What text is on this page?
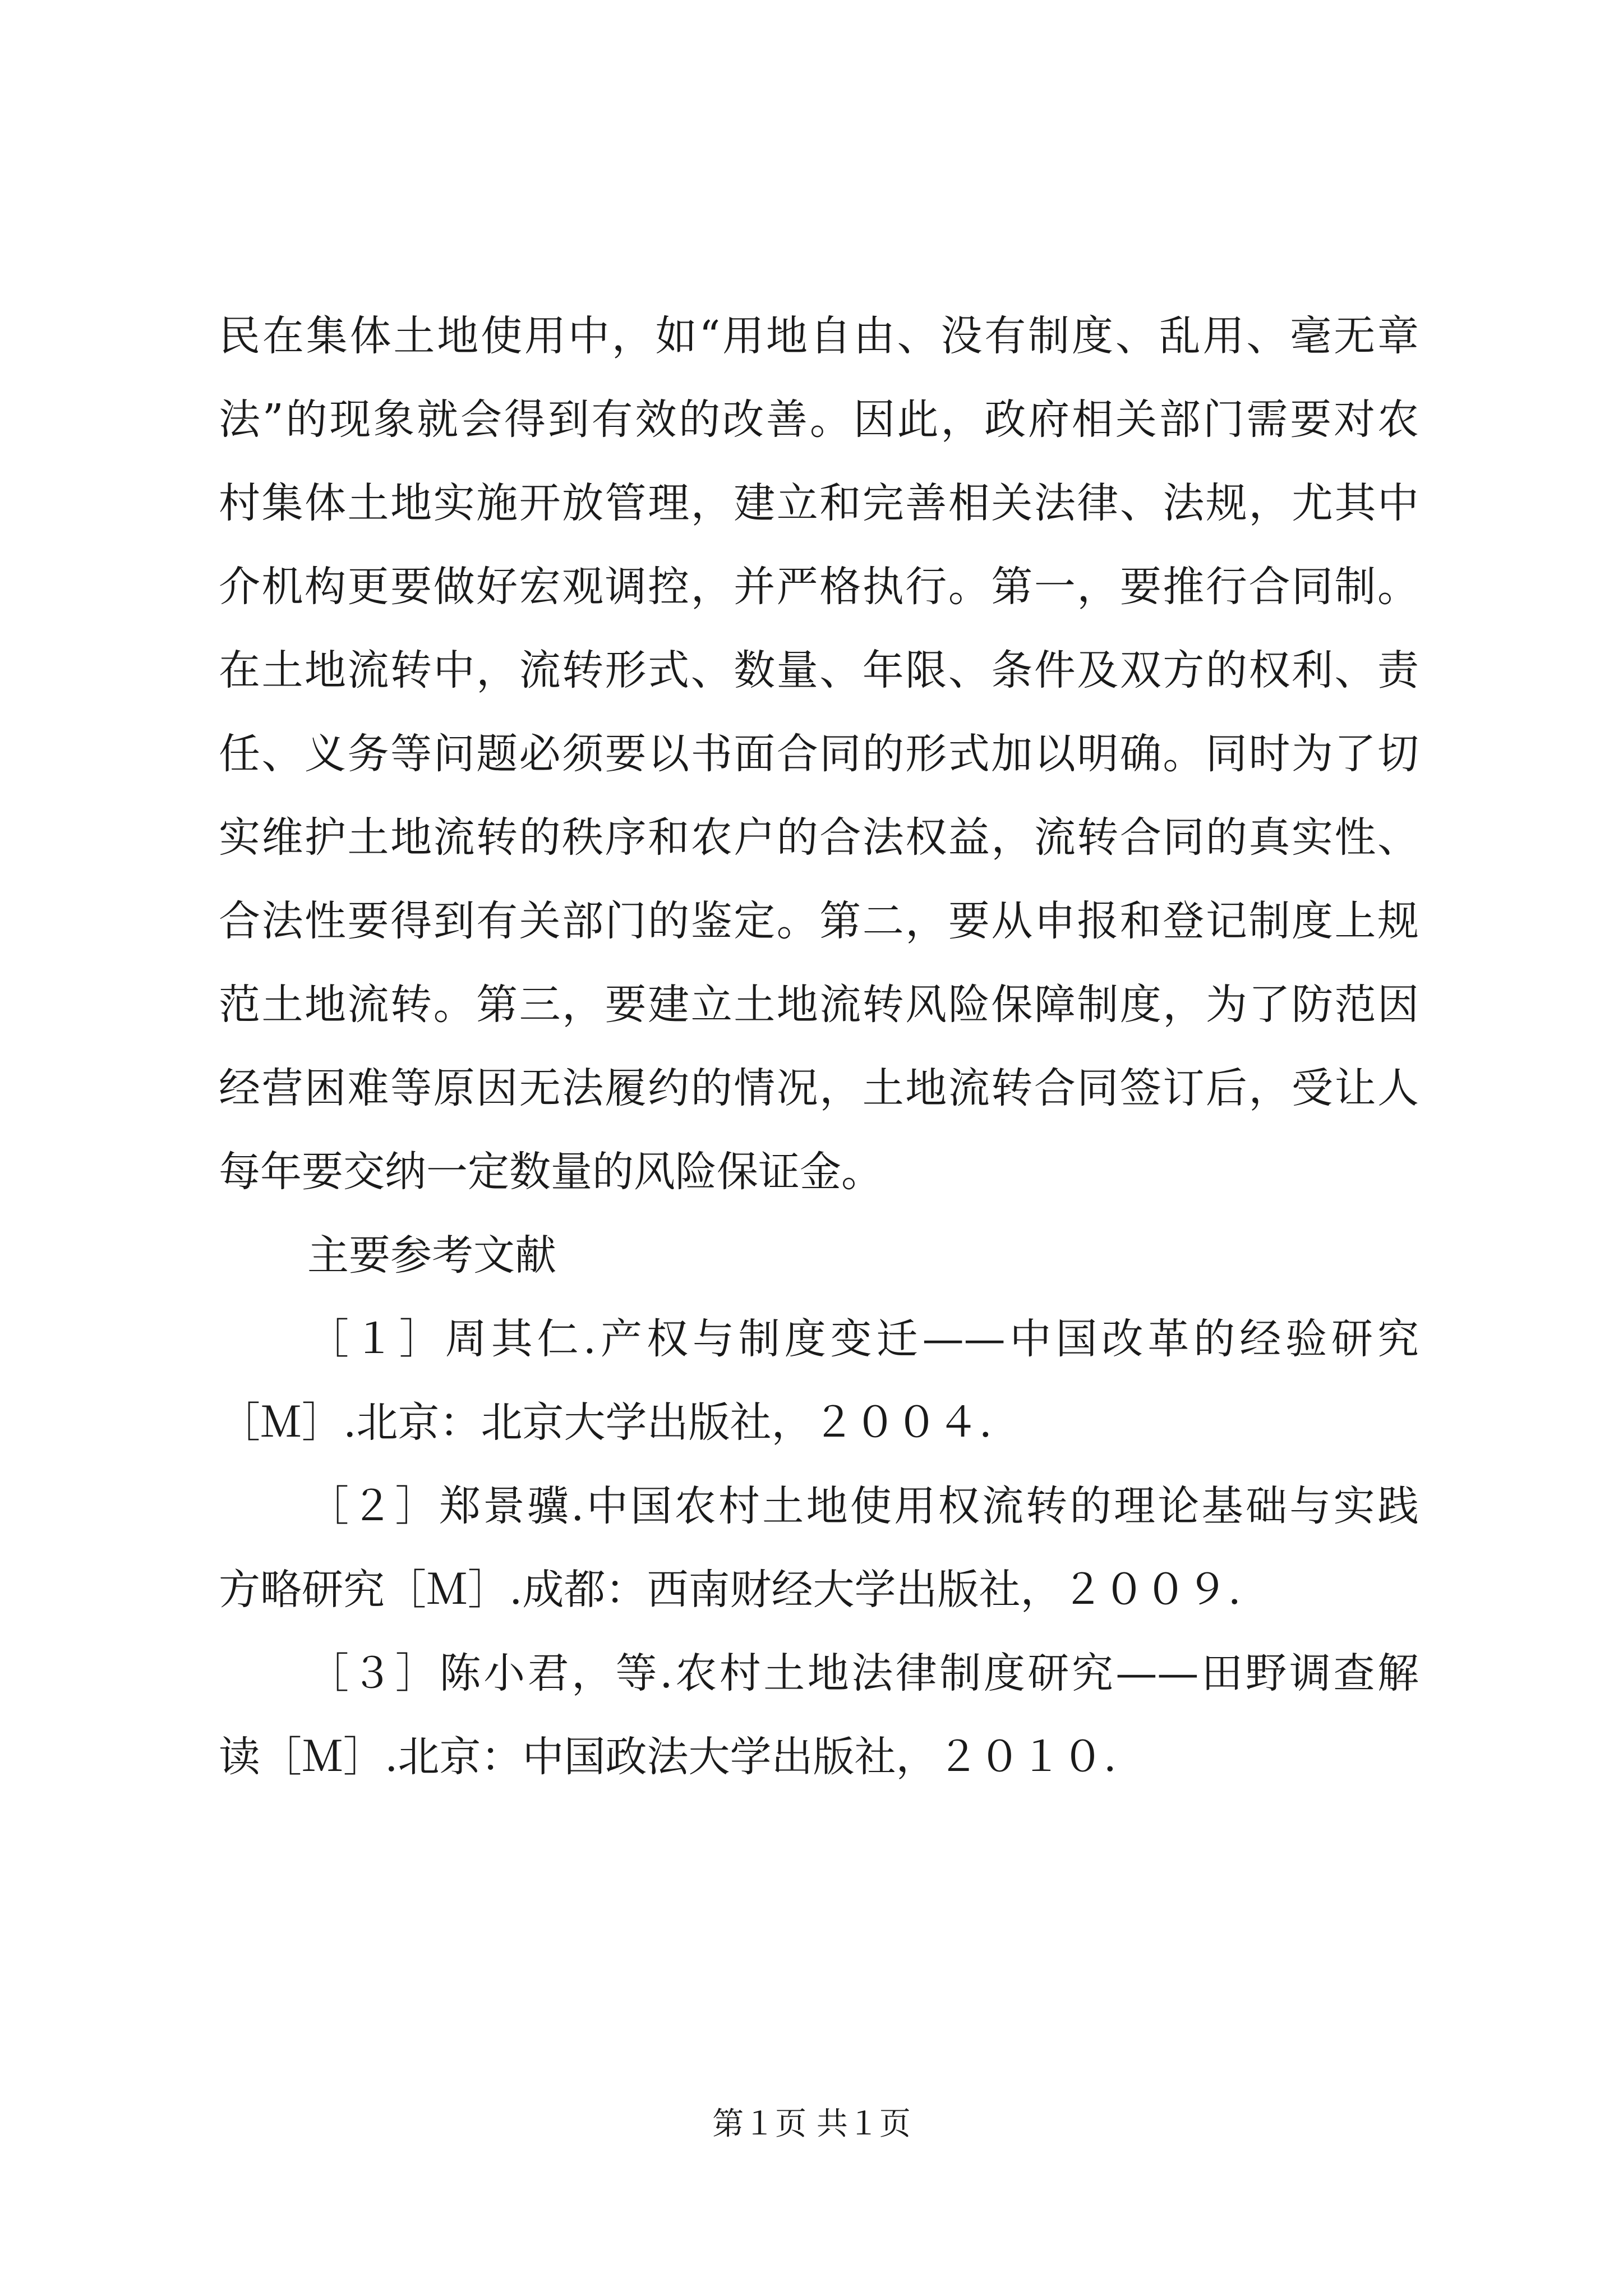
民在集体土地使用中，如“用地自由、没有制度、乱用、毫无章
法”的现象就会得到有效的改善。因此，政府相关部门需要对农
村集体土地实施开放管理，建立和完善相关法律、法规，尤其中
介机构更要做好宏观调控，并严格执行。第一，要推行合同制。
在土地流转中，流转形式、数量、年限、条件及双方的权利、责
任、义务等问题必须要以书面合同的形式加以明确。同时为了切
实维护土地流转的秩序和农户的合法权益，流转合同的真实性、
合法性要得到有关部门的鉴定。第二，要从申报和登记制度上规
范土地流转。第三，要建立土地流转风险保障制度，为了防范因
经营困难等原因无法履约的情况，土地流转合同签订后，受让人
每年要交纳一定数量的风险保证金。
主要参考文献
［１］周其仁.产权与制度变迁——中国改革的经验研究
［Ｍ］.北京：北京大学出版社，２００４.
［２］郑景骥.中国农村土地使用权流转的理论基础与实践
方略研究［Ｍ］.成都：西南财经大学出版社，２００９.
［３］陈小君，等.农村土地法律制度研究——田野调查解
读［Ｍ］.北京：中国政法大学出版社，２０１０.
第１页 共１页
